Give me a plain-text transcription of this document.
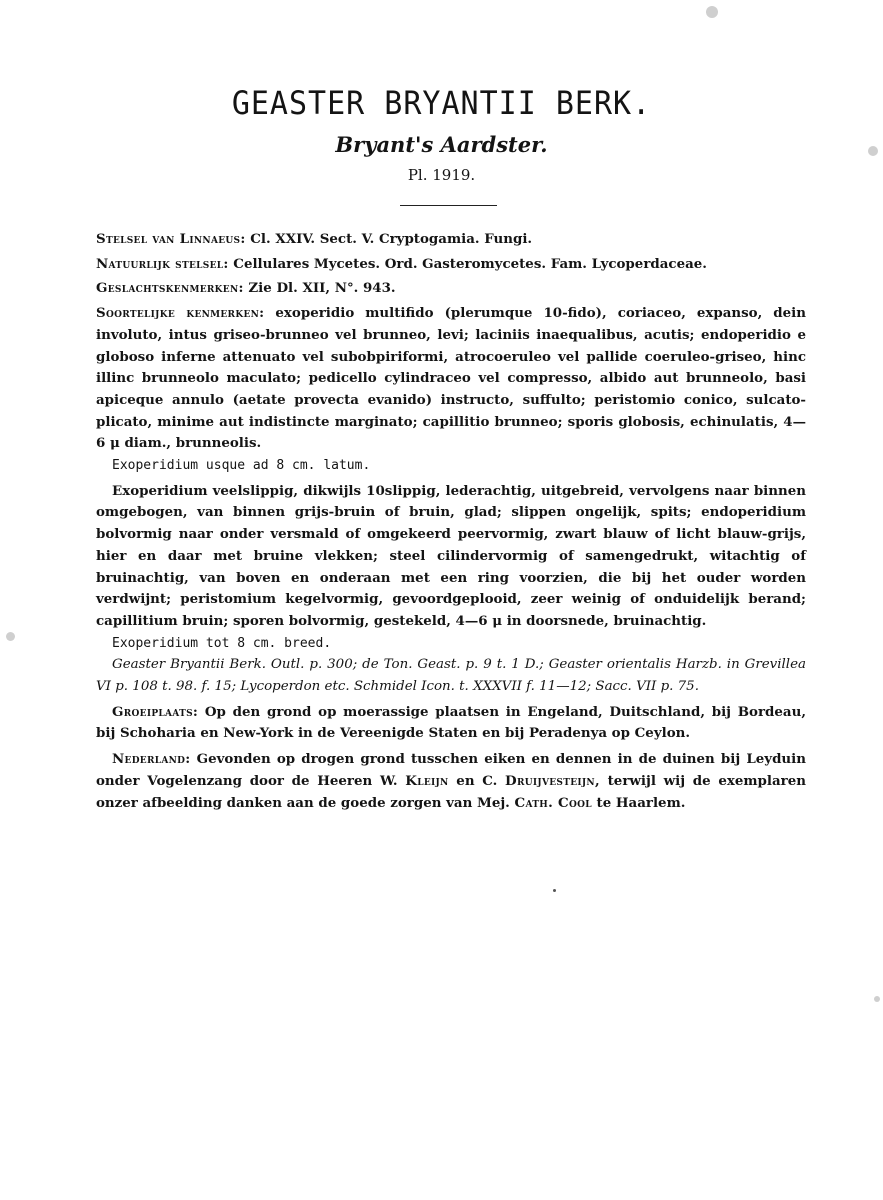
GEASTER BRYANTII BERK.
Bryant's Aardster.
Pl. 1919.

Stelsel van Linnaeus: Cl. XXIV. Sect. V. Cryptogamia. Fungi.

Natuurlijk stelsel: Cellulares Mycetes. Ord. Gasteromycetes. Fam. Lycoperdaceae.

Geslachtskenmerken: Zie Dl. XII, N°. 943.

Soortelijke kenmerken: exoperidio multifido (plerumque 10-fido), coriaceo, expanso, dein involuto, intus griseo-brunneo vel brunneo, levi; laciniis inaequalibus, acutis; endoperidio e globoso inferne attenuato vel subobpiriformi, atrocoeruleo vel pallide coeruleo-griseo, hinc illinc brunneolo maculato; pedicello cylindraceo vel compresso, albido aut brunneolo, basi apiceque annulo (aetate provecta evanido) instructo, suffulto; peristomio conico, sulcato-plicato, minime aut indistincte marginato; capillitio brunneo; sporis globosis, echinulatis, 4—6 μ diam., brunneolis.

Exoperidium usque ad 8 cm. latum.

Exoperidium veelslippig, dikwijls 10slippig, lederachtig, uitgebreid, vervolgens naar binnen omgebogen, van binnen grijs-bruin of bruin, glad; slippen ongelijk, spits; endoperidium bolvormig naar onder versmald of omgekeerd peervormig, zwart blauw of licht blauw-grijs, hier en daar met bruine vlekken; steel cilindervormig of samengedrukt, witachtig of bruinachtig, van boven en onderaan met een ring voorzien, die bij het ouder worden verdwijnt; peristomium kegelvormig, gevoordgeplooid, zeer weinig of onduidelijk berand; capillitium bruin; sporen bolvormig, gestekeld, 4—6 μ in doorsnede, bruinachtig.

Exoperidium tot 8 cm. breed.

Geaster Bryantii Berk. Outl. p. 300; de Ton. Geast. p. 9 t. 1 D.; Geaster orientalis Harzb. in Grevillea VI p. 108 t. 98. f. 15; Lycoperdon etc. Schmidel Icon. t. XXXVII f. 11—12; Sacc. VII p. 75.

Groeiplaats: Op den grond op moerassige plaatsen in Engeland, Duitschland, bij Bordeau, bij Schoharia en New-York in de Vereenigde Staten en bij Peradenya op Ceylon.

Nederland: Gevonden op drogen grond tusschen eiken en dennen in de duinen bij Leyduin onder Vogelenzang door de Heeren W. Kleijn en C. Druijvesteijn, terwijl wij de exemplaren onzer afbeelding danken aan de goede zorgen van Mej. Cath. Cool te Haarlem.
